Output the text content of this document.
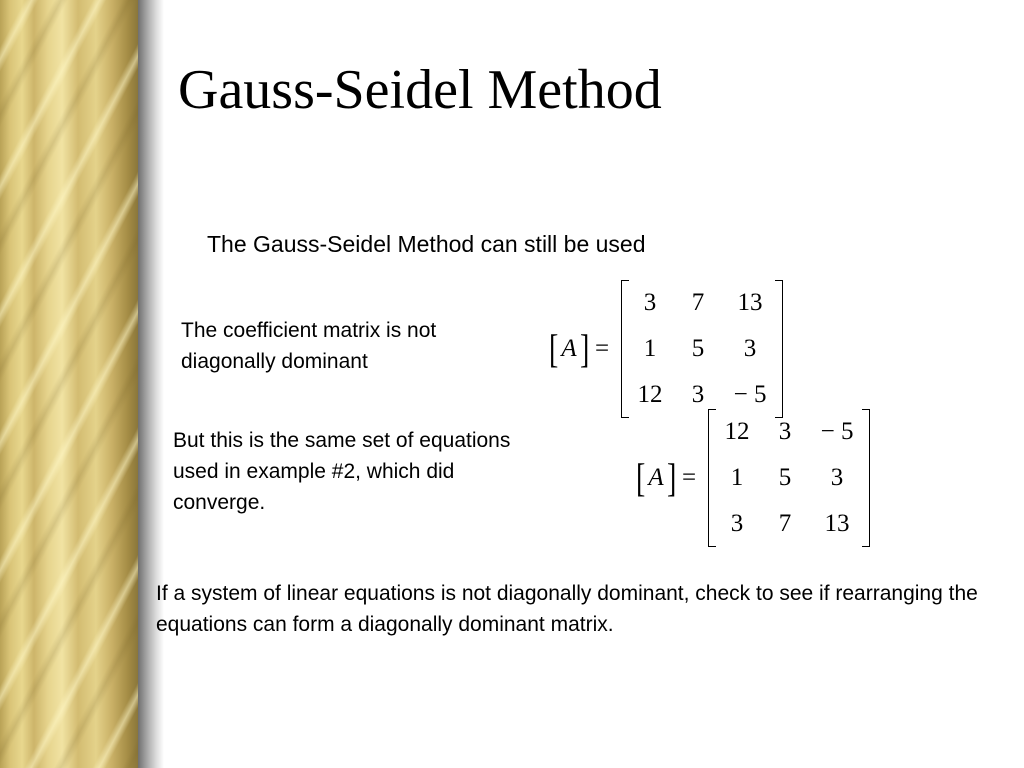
Gauss-Seidel Method

The Gauss-Seidel Method can still be used

The coefficient matrix is not diagonally dominant	[ A ] =
3	7	13
1	5	3
12	3	− 5

But this is the same set of equations used in example #2, which did converge.

[ A ] =
12	3	− 5
1	5	3
3	7	13

If a system of linear equations is not diagonally dominant, check to see if rearranging the equations can form a diagonally dominant matrix.
